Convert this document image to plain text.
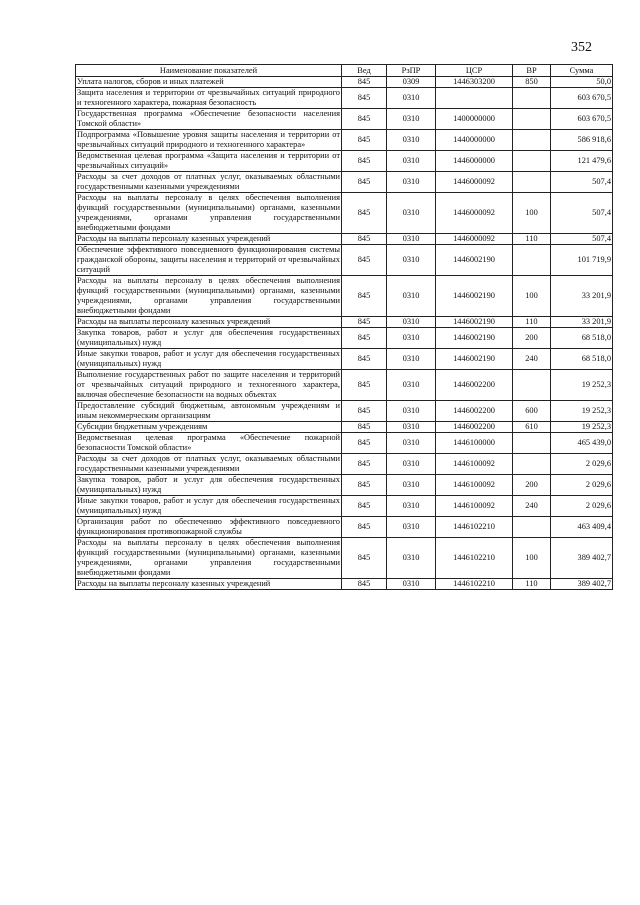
352
Наименование показателей	Вед	РзПР	ЦСР	ВР	Сумма
Уплата налогов, сборов и иных платежей	845	0309	1446303200	850	50,0
Защита населения и территории от чрезвычайных ситуаций природного и техногенного характера, пожарная безопасность	845	0310			603 670,5
Государственная программа «Обеспечение безопасности населения Томской области»	845	0310	1400000000		603 670,5
Подпрограмма «Повышение уровня защиты населения и территории от чрезвычайных ситуаций природного и техногенного характера»	845	0310	1440000000		586 918,6
Ведомственная целевая программа «Защита населения и территории от чрезвычайных ситуаций»	845	0310	1446000000		121 479,6
Расходы за счет доходов от платных услуг, оказываемых областными государственными казенными учреждениями	845	0310	1446000092		507,4
Расходы на выплаты персоналу в целях обеспечения выполнения функций государственными (муниципальными) органами, казенными учреждениями, органами управления государственными внебюджетными фондами	845	0310	1446000092	100	507,4
Расходы на выплаты персоналу казенных учреждений	845	0310	1446000092	110	507,4
Обеспечение эффективного повседневного функционирования системы гражданской обороны, защиты населения и территорий от чрезвычайных ситуаций	845	0310	1446002190		101 719,9
Расходы на выплаты персоналу в целях обеспечения выполнения функций государственными (муниципальными) органами, казенными учреждениями, органами управления государственными внебюджетными фондами	845	0310	1446002190	100	33 201,9
Расходы на выплаты персоналу казенных учреждений	845	0310	1446002190	110	33 201,9
Закупка товаров, работ и услуг для обеспечения государственных (муниципальных) нужд	845	0310	1446002190	200	68 518,0
Иные закупки товаров, работ и услуг для обеспечения государственных (муниципальных) нужд	845	0310	1446002190	240	68 518,0
Выполнение государственных работ по защите населения и территорий от чрезвычайных ситуаций природного и техногенного характера, включая обеспечение безопасности на водных объектах	845	0310	1446002200		19 252,3
Предоставление субсидий бюджетным, автономным учреждениям и иным некоммерческим организациям	845	0310	1446002200	600	19 252,3
Субсидии бюджетным учреждениям	845	0310	1446002200	610	19 252,3
Ведомственная целевая программа «Обеспечение пожарной безопасности Томской области»	845	0310	1446100000		465 439,0
Расходы за счет доходов от платных услуг, оказываемых областными государственными казенными учреждениями	845	0310	1446100092		2 029,6
Закупка товаров, работ и услуг для обеспечения государственных (муниципальных) нужд	845	0310	1446100092	200	2 029,6
Иные закупки товаров, работ и услуг для обеспечения государственных (муниципальных) нужд	845	0310	1446100092	240	2 029,6
Организация работ по обеспечению эффективного повседневного функционирования противопожарной службы	845	0310	1446102210		463 409,4
Расходы на выплаты персоналу в целях обеспечения выполнения функций государственными (муниципальными) органами, казенными учреждениями, органами управления государственными внебюджетными фондами	845	0310	1446102210	100	389 402,7
Расходы на выплаты персоналу казенных учреждений	845	0310	1446102210	110	389 402,7
